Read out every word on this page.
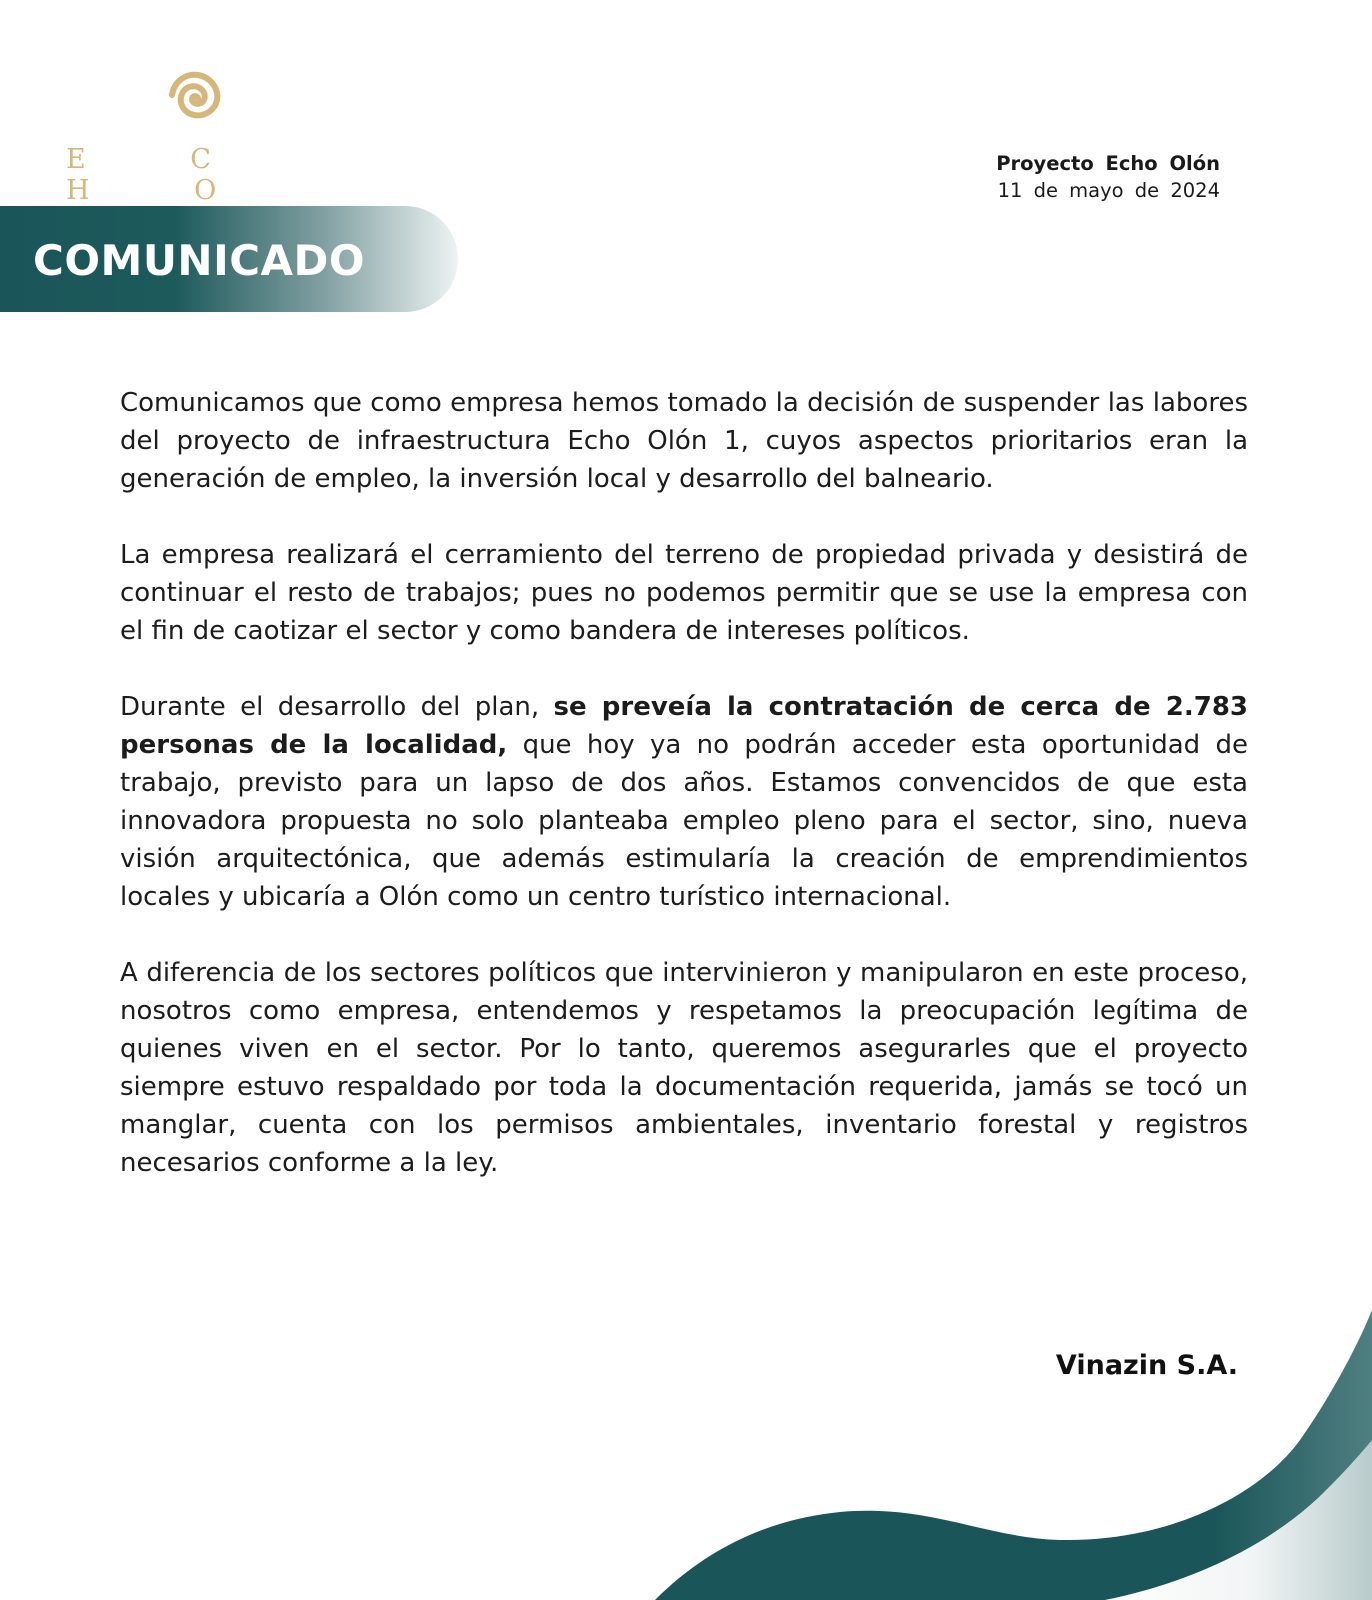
E C H O
Proyecto Echo Olón
11 de mayo de 2024
COMUNICADO

Comunicamos que como empresa hemos tomado la decisión de suspender las labores del proyecto de infraestructura Echo Olón 1, cuyos aspectos prioritarios eran la generación de empleo, la inversión local y desarrollo del balneario.

La empresa realizará el cerramiento del terreno de propiedad privada y desistirá de continuar el resto de trabajos; pues no podemos permitir que se use la empresa con el fin de caotizar el sector y como bandera de intereses políticos.

Durante el desarrollo del plan, se preveía la contratación de cerca de 2.783 personas de la localidad, que hoy ya no podrán acceder esta oportunidad de trabajo, previsto para un lapso de dos años. Estamos convencidos de que esta innovadora propuesta no solo planteaba empleo pleno para el sector, sino, nueva visión arquitectónica, que además estimularía la creación de emprendimientos locales y ubicaría a Olón como un centro turístico internacional.

A diferencia de los sectores políticos que intervinieron y manipularon en este proceso, nosotros como empresa, entendemos y respetamos la preocupación legítima de quienes viven en el sector. Por lo tanto, queremos asegurarles que el proyecto siempre estuvo respaldado por toda la documentación requerida, jamás se tocó un manglar, cuenta con los permisos ambientales, inventario forestal y registros necesarios conforme a la ley.

Vinazin S.A.
